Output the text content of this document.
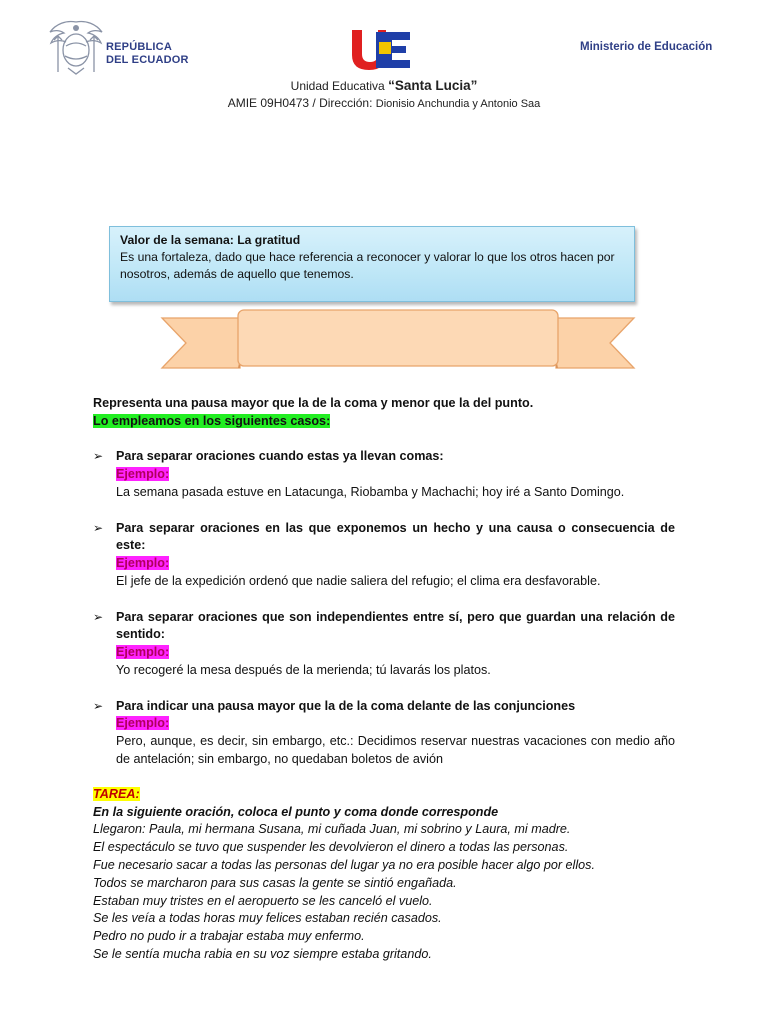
REPÚBLICA
DEL ECUADOR
Ministerio de Educación
Unidad Educativa “Santa Lucia”
AMIE 09H0473 / Dirección: Dionisio Anchundia y Antonio Saa
Valor de la semana: La gratitud
Es una fortaleza, dado que hace referencia a reconocer y valorar lo que los otros hacen por nosotros, además de aquello que tenemos.
Representa una pausa mayor que la de la coma y menor que la del punto.
Lo empleamos en los siguientes casos:
➢ Para separar oraciones cuando estas ya llevan comas:
Ejemplo:
La semana pasada estuve en Latacunga, Riobamba y Machachi; hoy iré a Santo Domingo.
➢ Para separar oraciones en las que exponemos un hecho y una causa o consecuencia de este:
Ejemplo:
El jefe de la expedición ordenó que nadie saliera del refugio; el clima era desfavorable.
➢ Para separar oraciones que son independientes entre sí, pero que guardan una relación de sentido:
Ejemplo:
Yo recogeré la mesa después de la merienda; tú lavarás los platos.
➢ Para indicar una pausa mayor que la de la coma delante de las conjunciones
Ejemplo:
Pero, aunque, es decir, sin embargo, etc.: Decidimos reservar nuestras vacaciones con medio año de antelación; sin embargo, no quedaban boletos de avión
TAREA:
En la siguiente oración, coloca el punto y coma donde corresponde
Llegaron: Paula, mi hermana Susana, mi cuñada Juan, mi sobrino y Laura, mi madre.
El espectáculo se tuvo que suspender les devolvieron el dinero a todas las personas.
Fue necesario sacar a todas las personas del lugar ya no era posible hacer algo por ellos.
Todos se marcharon para sus casas la gente se sintió engañada.
Estaban muy tristes en el aeropuerto se les canceló el vuelo.
Se les veía a todas horas muy felices estaban recién casados.
Pedro no pudo ir a trabajar estaba muy enfermo.
Se le sentía mucha rabia en su voz siempre estaba gritando.
